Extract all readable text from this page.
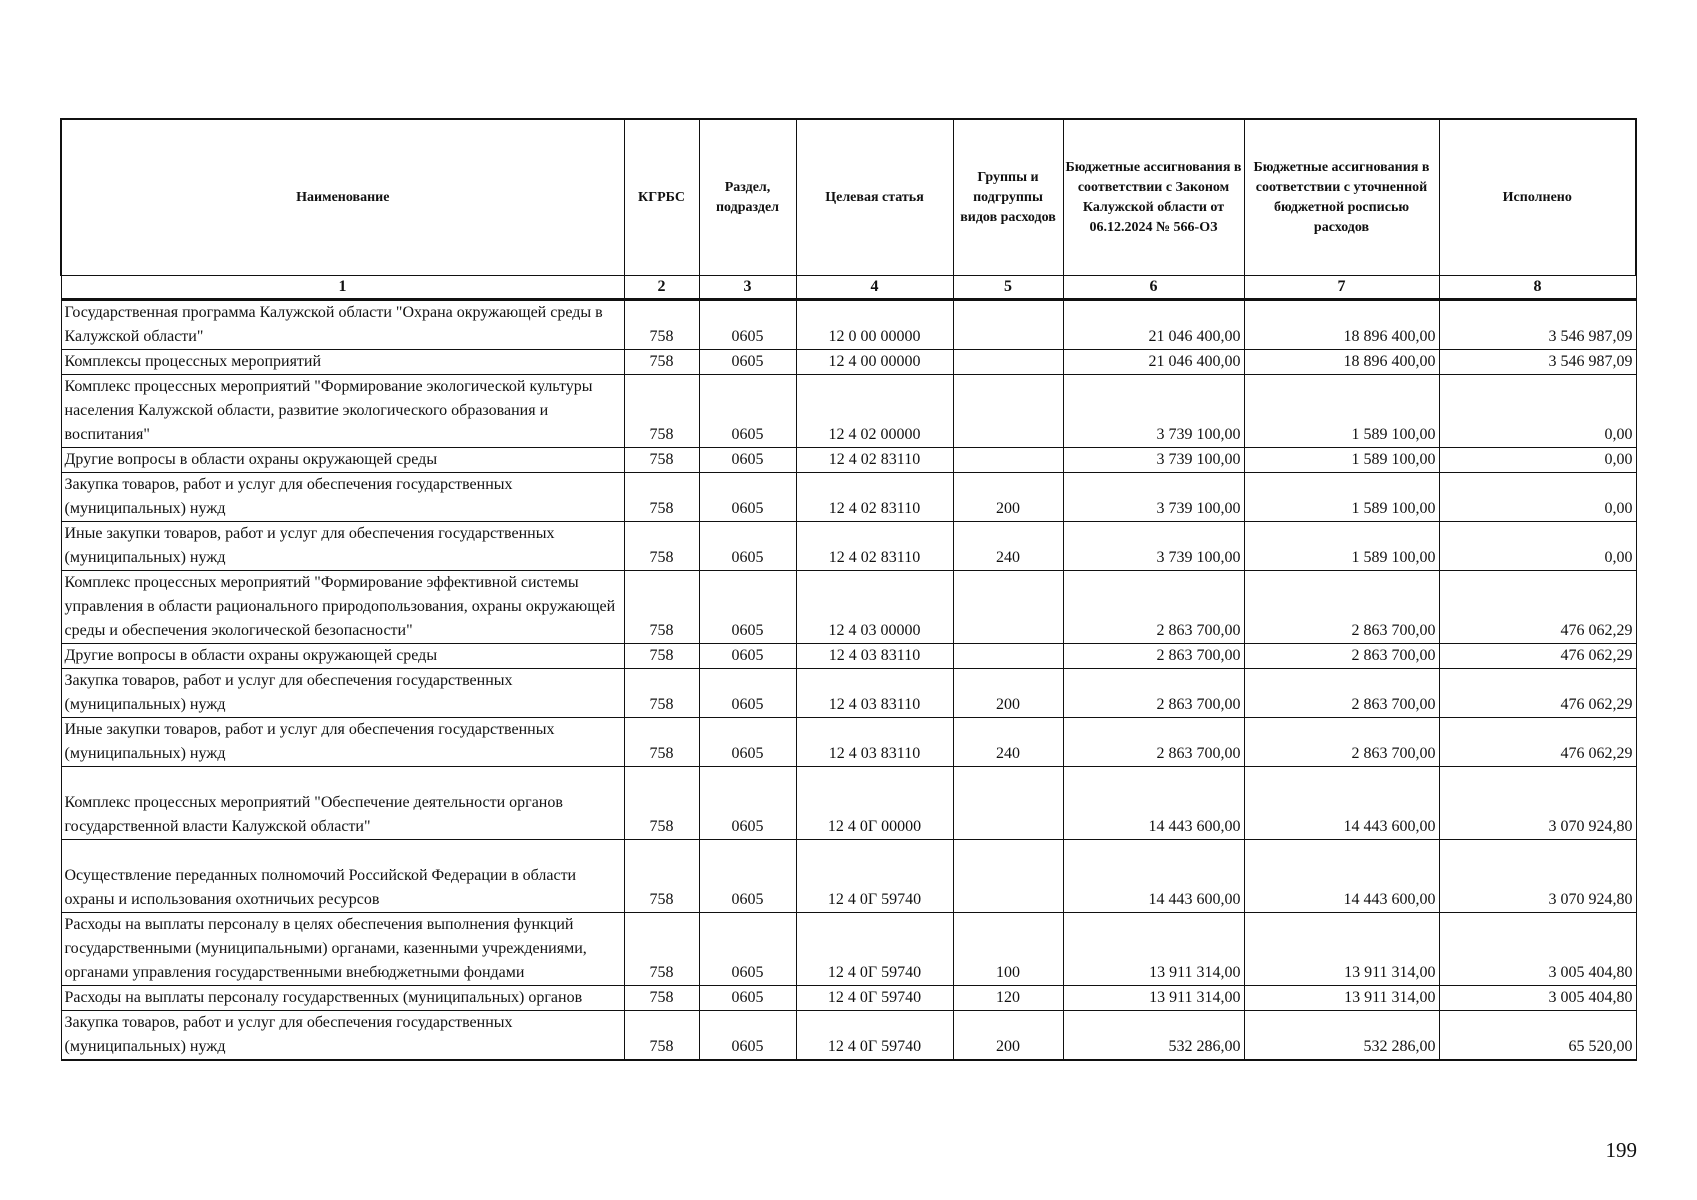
Наименование	КГРБС	Раздел, подраздел	Целевая статья	Группы и подгруппы видов расходов	Бюджетные ассигнования в соответствии с Законом Калужской области от 06.12.2024 № 566-ОЗ	Бюджетные ассигнования в соответствии с уточненной бюджетной росписью расходов	Исполнено
1	2	3	4	5	6	7	8
Государственная программа Калужской области "Охрана окружающей среды в Калужской области"	758	0605	12 0 00 00000		21 046 400,00	18 896 400,00	3 546 987,09
Комплексы процессных мероприятий	758	0605	12 4 00 00000		21 046 400,00	18 896 400,00	3 546 987,09
Комплекс процессных мероприятий "Формирование экологической культуры населения Калужской области, развитие экологического образования и воспитания"	758	0605	12 4 02 00000		3 739 100,00	1 589 100,00	0,00
Другие вопросы в области охраны окружающей среды	758	0605	12 4 02 83110		3 739 100,00	1 589 100,00	0,00
Закупка товаров, работ и услуг для обеспечения государственных (муниципальных) нужд	758	0605	12 4 02 83110	200	3 739 100,00	1 589 100,00	0,00
Иные закупки товаров, работ и услуг для обеспечения государственных (муниципальных) нужд	758	0605	12 4 02 83110	240	3 739 100,00	1 589 100,00	0,00
Комплекс процессных мероприятий "Формирование эффективной системы управления в области рационального природопользования, охраны окружающей среды и обеспечения экологической безопасности"	758	0605	12 4 03 00000		2 863 700,00	2 863 700,00	476 062,29
Другие вопросы в области охраны окружающей среды	758	0605	12 4 03 83110		2 863 700,00	2 863 700,00	476 062,29
Закупка товаров, работ и услуг для обеспечения государственных (муниципальных) нужд	758	0605	12 4 03 83110	200	2 863 700,00	2 863 700,00	476 062,29
Иные закупки товаров, работ и услуг для обеспечения государственных (муниципальных) нужд	758	0605	12 4 03 83110	240	2 863 700,00	2 863 700,00	476 062,29
Комплекс процессных мероприятий "Обеспечение деятельности органов государственной власти Калужской области"	758	0605	12 4 0Г 00000		14 443 600,00	14 443 600,00	3 070 924,80
Осуществление переданных полномочий Российской Федерации в области охраны и использования охотничьих ресурсов	758	0605	12 4 0Г 59740		14 443 600,00	14 443 600,00	3 070 924,80
Расходы на выплаты персоналу в целях обеспечения выполнения функций государственными (муниципальными) органами, казенными учреждениями, органами управления государственными внебюджетными фондами	758	0605	12 4 0Г 59740	100	13 911 314,00	13 911 314,00	3 005 404,80
Расходы на выплаты персоналу государственных (муниципальных) органов	758	0605	12 4 0Г 59740	120	13 911 314,00	13 911 314,00	3 005 404,80
Закупка товаров, работ и услуг для обеспечения государственных (муниципальных) нужд	758	0605	12 4 0Г 59740	200	532 286,00	532 286,00	65 520,00
199
